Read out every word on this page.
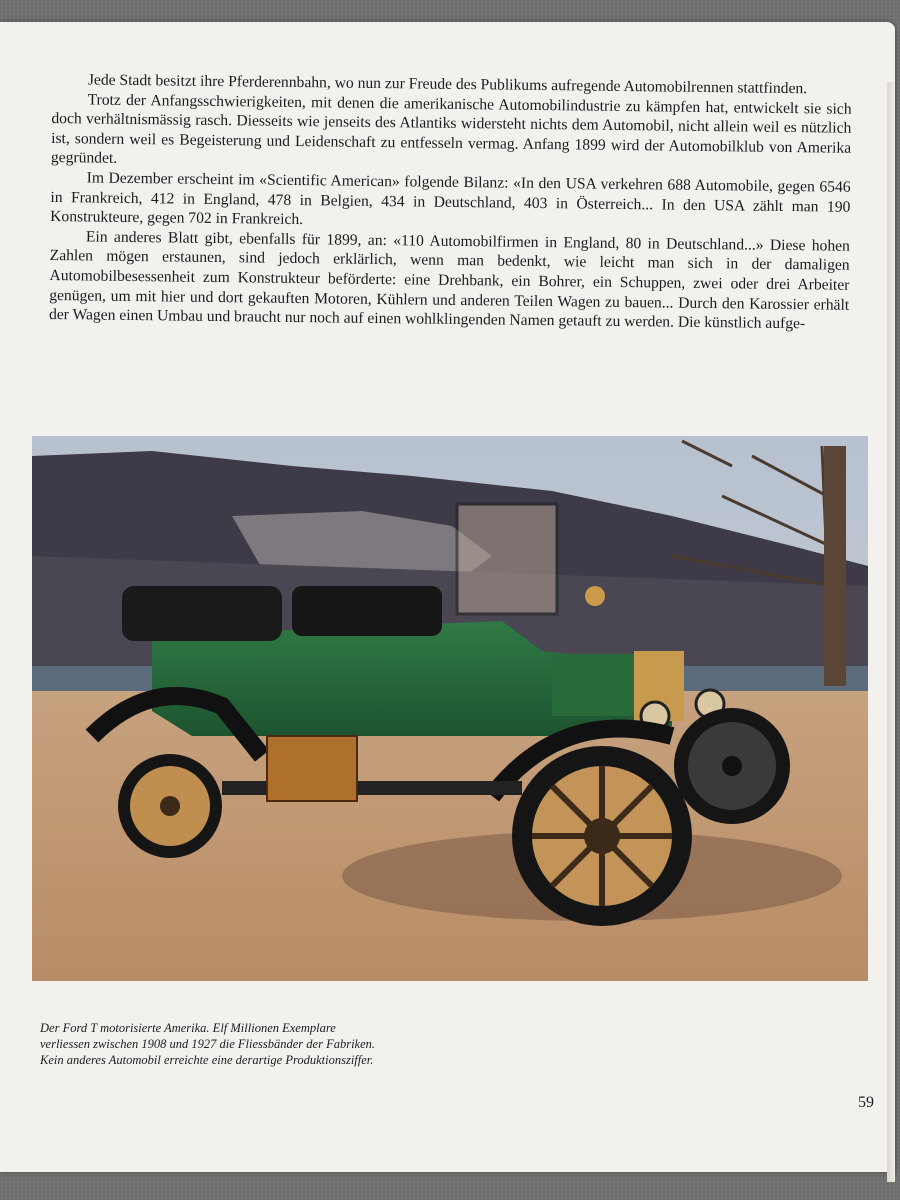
Jede Stadt besitzt ihre Pferderennbahn, wo nun zur Freude des Publikums aufregende Automobilrennen stattfinden.

Trotz der Anfangsschwierigkeiten, mit denen die amerikanische Automobilindustrie zu kämpfen hat, entwickelt sie sich doch verhältnismässig rasch. Diesseits wie jenseits des Atlantiks widersteht nichts dem Automobil, nicht allein weil es nützlich ist, sondern weil es Begeisterung und Leidenschaft zu entfesseln vermag. Anfang 1899 wird der Automobilklub von Amerika gegründet.

Im Dezember erscheint im «Scientific American» folgende Bilanz: «In den USA verkehren 688 Automobile, gegen 6546 in Frankreich, 412 in England, 478 in Belgien, 434 in Deutschland, 403 in Österreich... In den USA zählt man 190 Konstrukteure, gegen 702 in Frankreich.

Ein anderes Blatt gibt, ebenfalls für 1899, an: «110 Automobilfirmen in England, 80 in Deutschland...» Diese hohen Zahlen mögen erstaunen, sind jedoch erklärlich, wenn man bedenkt, wie leicht man sich in der damaligen Automobilbesessenheit zum Konstrukteur beförderte: eine Drehbank, ein Bohrer, ein Schuppen, zwei oder drei Arbeiter genügen, um mit hier und dort gekauften Motoren, Kühlern und anderen Teilen Wagen zu bauen... Durch den Karossier erhält der Wagen einen Umbau und braucht nur noch auf einen wohlklingenden Namen getauft zu werden. Die künstlich aufge-

Der Ford T motorisierte Amerika. Elf Millionen Exemplare
verliessen zwischen 1908 und 1927 die Fliessbänder der Fabriken.
Kein anderes Automobil erreichte eine derartige Produktionsziffer.
59
